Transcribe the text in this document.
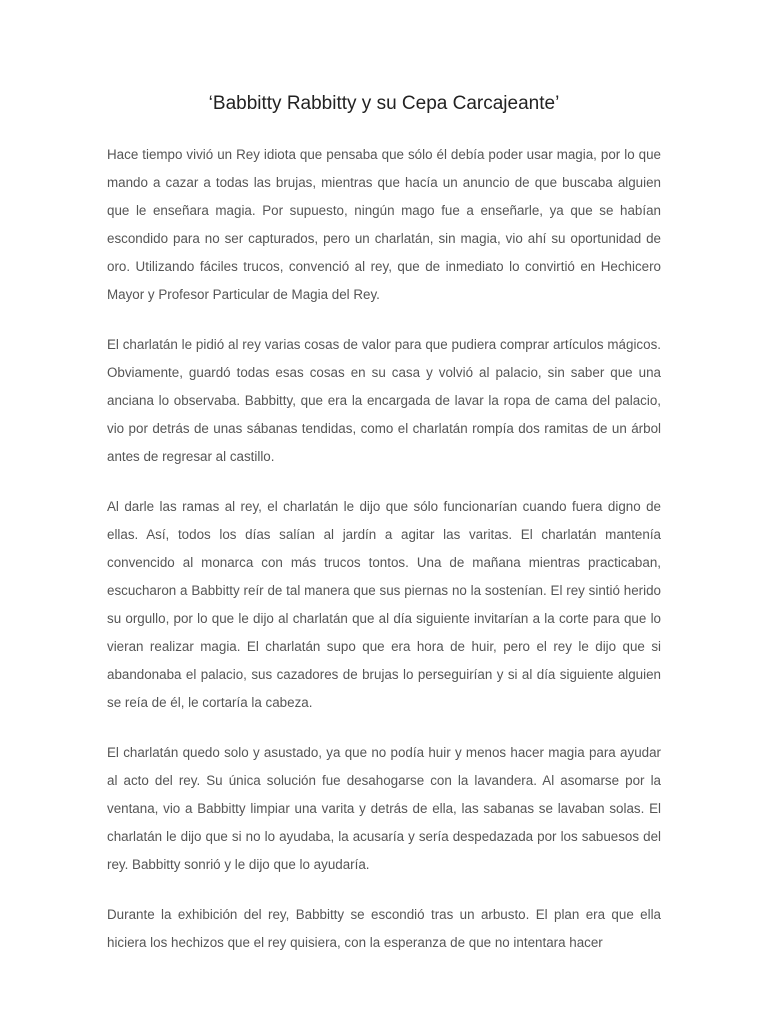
‘Babbitty Rabbitty y su Cepa Carcajeante’

Hace tiempo vivió un Rey idiota que pensaba que sólo él debía poder usar magia, por lo que mando a cazar a todas las brujas, mientras que hacía un anuncio de que buscaba alguien que le enseñara magia. Por supuesto, ningún mago fue a enseñarle, ya que se habían escondido para no ser capturados, pero un charlatán, sin magia, vio ahí su oportunidad de oro. Utilizando fáciles trucos, convenció al rey, que de inmediato lo convirtió en Hechicero Mayor y Profesor Particular de Magia del Rey.

El charlatán le pidió al rey varias cosas de valor para que pudiera comprar artículos mágicos. Obviamente, guardó todas esas cosas en su casa y volvió al palacio, sin saber que una anciana lo observaba. Babbitty, que era la encargada de lavar la ropa de cama del palacio, vio por detrás de unas sábanas tendidas, como el charlatán rompía dos ramitas de un árbol antes de regresar al castillo.

Al darle las ramas al rey, el charlatán le dijo que sólo funcionarían cuando fuera digno de ellas. Así, todos los días salían al jardín a agitar las varitas. El charlatán mantenía convencido al monarca con más trucos tontos. Una de mañana mientras practicaban, escucharon a Babbitty reír de tal manera que sus piernas no la sostenían. El rey sintió herido su orgullo, por lo que le dijo al charlatán que al día siguiente invitarían a la corte para que lo vieran realizar magia. El charlatán supo que era hora de huir, pero el rey le dijo que si abandonaba el palacio, sus cazadores de brujas lo perseguirían y si al día siguiente alguien se reía de él, le cortaría la cabeza.

El charlatán quedo solo y asustado, ya que no podía huir y menos hacer magia para ayudar al acto del rey. Su única solución fue desahogarse con la lavandera. Al asomarse por la ventana, vio a Babbitty limpiar una varita y detrás de ella, las sabanas se lavaban solas. El charlatán le dijo que si no lo ayudaba, la acusaría y sería despedazada por los sabuesos del rey. Babbitty sonrió y le dijo que lo ayudaría.

Durante la exhibición del rey, Babbitty se escondió tras un arbusto. El plan era que ella hiciera los hechizos que el rey quisiera, con la esperanza de que no intentara hacer
